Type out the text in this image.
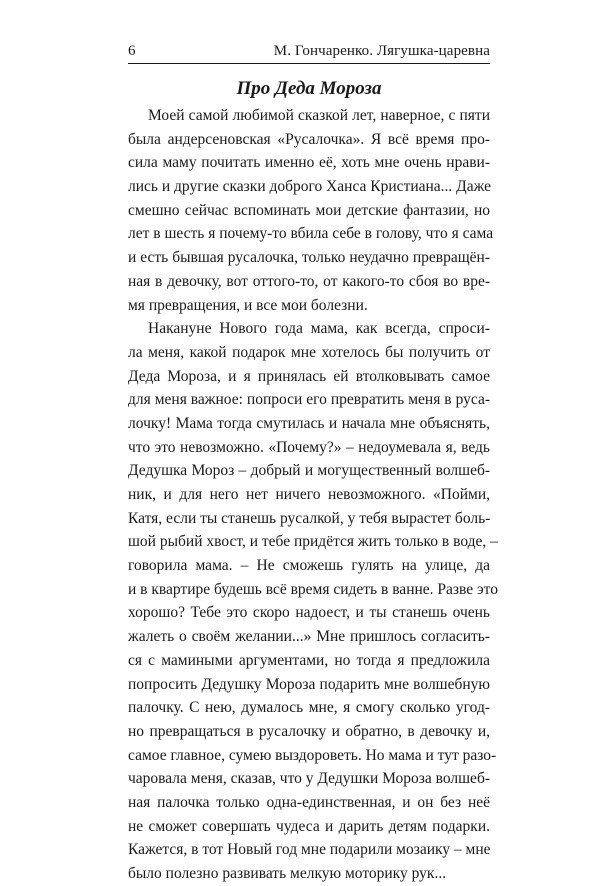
6	М. Гончаренко. Лягушка-царевна
Про Деда Мороза
Моей самой любимой сказкой лет, наверное, с пяти
была андерсеновская «Русалочка». Я всё время про-
сила маму почитать именно её, хоть мне очень нрави-
лись и другие сказки доброго Ханса Кристиана... Даже
смешно сейчас вспоминать мои детские фантазии, но
лет в шесть я почему-то вбила себе в голову, что я сама
и есть бывшая русалочка, только неудачно превращён-
ная в девочку, вот оттого-то, от какого-то сбоя во вре-
мя превращения, и все мои болезни.
Накануне Нового года мама, как всегда, спроси-
ла меня, какой подарок мне хотелось бы получить от
Деда Мороза, и я принялась ей втолковывать самое
для меня важное: попроси его превратить меня в руса-
лочку! Мама тогда смутилась и начала мне объяснять,
что это невозможно. «Почему?» – недоумевала я, ведь
Дедушка Мороз – добрый и могущественный волшеб-
ник, и для него нет ничего невозможного. «Пойми,
Катя, если ты станешь русалкой, у тебя вырастет боль-
шой рыбий хвост, и тебе придётся жить только в воде, –
говорила мама. – Не сможешь гулять на улице, да
и в квартире будешь всё время сидеть в ванне. Разве это
хорошо? Тебе это скоро надоест, и ты станешь очень
жалеть о своём желании...» Мне пришлось согласить-
ся с мамиными аргументами, но тогда я предложила
попросить Дедушку Мороза подарить мне волшебную
палочку. С нею, думалось мне, я смогу сколько угод-
но превращаться в русалочку и обратно, в девочку и,
самое главное, сумею выздороветь. Но мама и тут разо-
чаровала меня, сказав, что у Дедушки Мороза волшеб-
ная палочка только одна-единственная, и он без неё
не сможет совершать чудеса и дарить детям подарки.
Кажется, в тот Новый год мне подарили мозаику – мне
было полезно развивать мелкую моторику рук...
